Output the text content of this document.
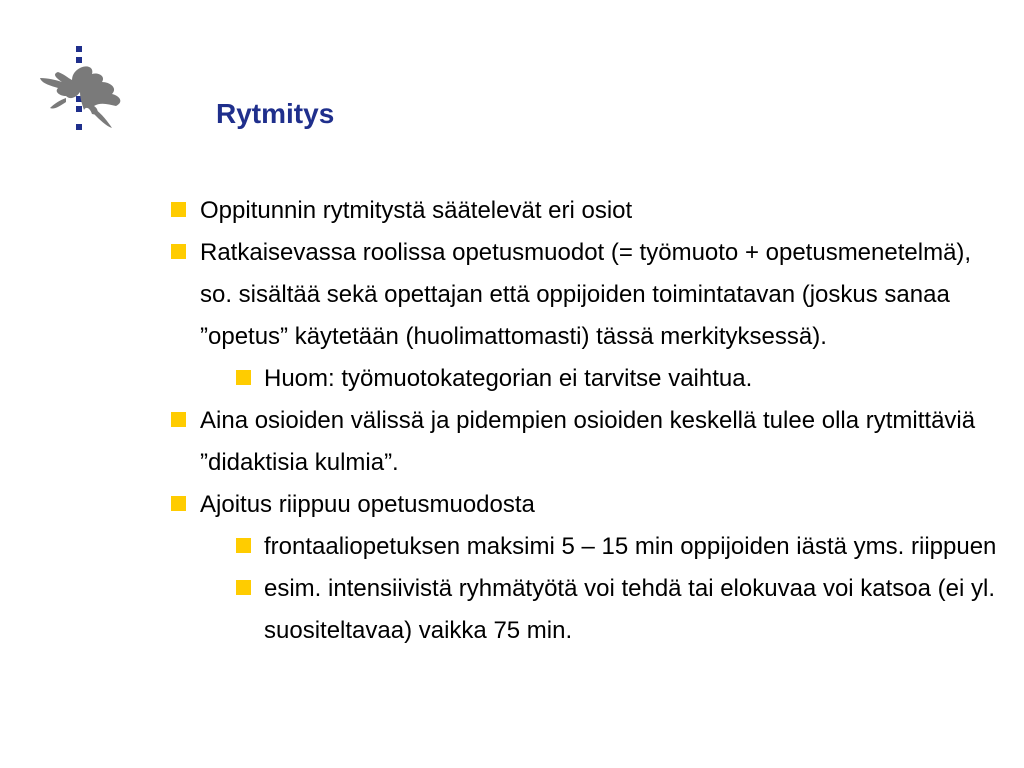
Rytmitys
Oppitunnin rytmitystä säätelevät eri osiot
Ratkaisevassa roolissa opetusmuodot (= työmuoto + opetusmenetelmä), so. sisältää sekä opettajan että oppijoiden toimintatavan (joskus sanaa ”opetus” käytetään (huolimattomasti) tässä merkityksessä).
Huom: työmuotokategorian ei tarvitse vaihtua.
Aina osioiden välissä ja pidempien osioiden keskellä tulee olla rytmittäviä ”didaktisia kulmia”.
Ajoitus riippuu opetusmuodosta
frontaaliopetuksen maksimi 5 – 15 min oppijoiden iästä yms. riippuen
esim. intensiivistä ryhmätyötä voi tehdä tai elokuvaa voi katsoa (ei yl. suositeltavaa) vaikka 75 min.
